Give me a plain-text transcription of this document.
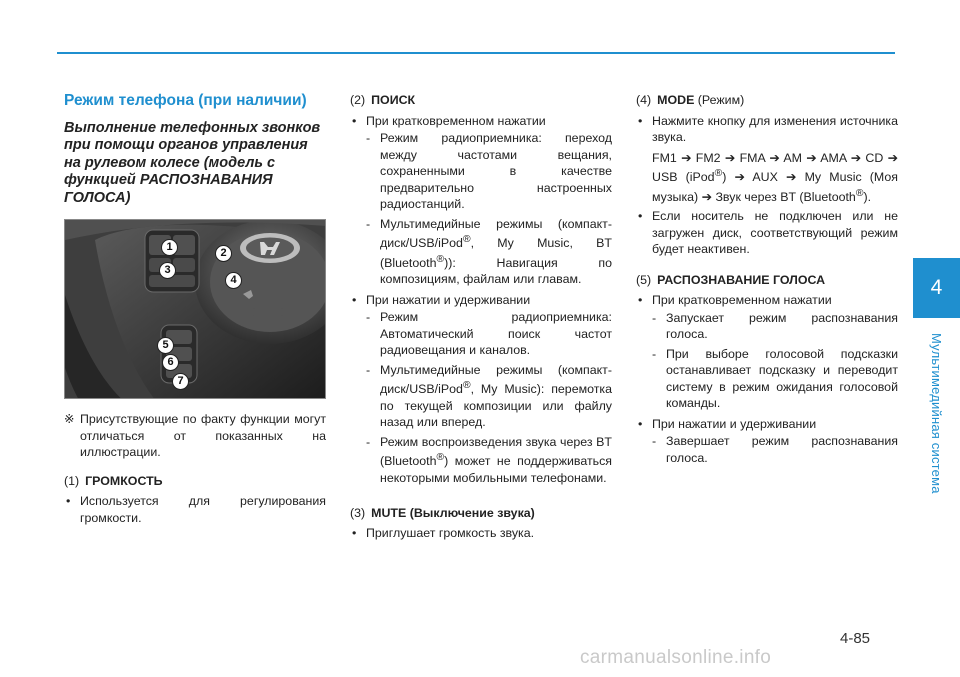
4
Мультимедийная система
Режим телефона (при наличии)
Выполнение телефонных звонков при помощи органов управления на рулевом колесе (модель с функцией РАСПОЗНАВАНИЯ ГОЛОСА)
1
3
2
4
5
6
7
※ Присутствующие по факту функции могут отличаться от показанных на иллюстрации.
(1) ГРОМКОСТЬ
• Используется для регулирования громкости.
(2) ПОИСК
• При кратковременном нажатии
- Режим радиоприемника: переход между частотами вещания, сохраненными в качестве предварительно настроенных радиостанций.
- Мультимедийные режимы (компакт-диск/USB/iPod®, My Music, BT (Bluetooth®)): Навигация по композициям, файлам или главам.
• При нажатии и удерживании
- Режим радиоприемника: Автоматический поиск частот радиовещания и каналов.
- Мультимедийные режимы (компакт-диск/USB/iPod®, My Music): перемотка по текущей композиции или файлу назад или вперед.
- Режим воспроизведения звука через BT (Bluetooth®) может не поддерживаться некоторыми мобильными телефонами.
(3) MUTE (Выключение звука)
• Приглушает громкость звука.
(4) MODE (Режим)
• Нажмите кнопку для изменения источника звука.
FM1 ➔ FM2 ➔ FMA ➔ AM ➔ AMA ➔ CD ➔ USB (iPod®) ➔ AUX ➔ My Music (Моя музыка) ➔ Звук через BT (Bluetooth®).
• Если носитель не подключен или не загружен диск, соответствующий режим будет неактивен.
(5) РАСПОЗНАВАНИЕ ГОЛОСА
• При кратковременном нажатии
- Запускает режим распознавания голоса.
- При выборе голосовой подсказки останавливает подсказку и переводит систему в режим ожидания голосовой команды.
• При нажатии и удерживании
- Завершает режим распознавания голоса.
4-85
carmanualsonline.info
